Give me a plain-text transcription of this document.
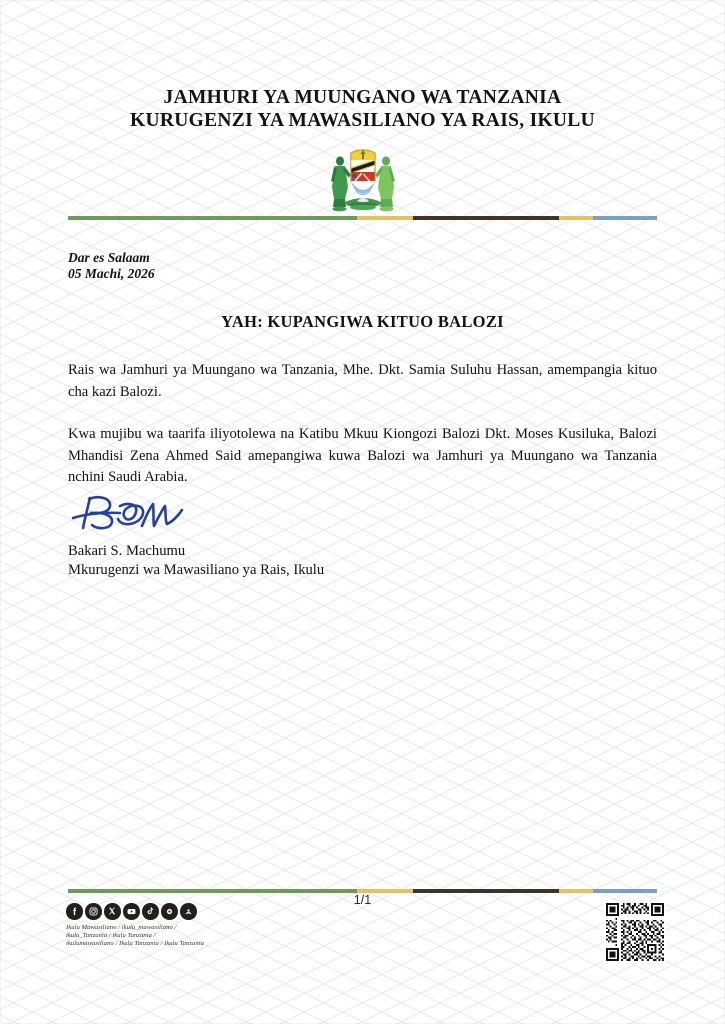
JAMHURI YA MUUNGANO WA TANZANIA
KURUGENZI YA MAWASILIANO YA RAIS, IKULU
Dar es Salaam
05 Machi, 2026
YAH: KUPANGIWA KITUO BALOZI

Rais wa Jamhuri ya Muungano wa Tanzania, Mhe. Dkt. Samia Suluhu Hassan, amempangia kituo cha kazi Balozi.

Kwa mujibu wa taarifa iliyotolewa na Katibu Mkuu Kiongozi Balozi Dkt. Moses Kusiluka, Balozi Mhandisi Zena Ahmed Said amepangiwa kuwa Balozi wa Jamhuri ya Muungano wa Tanzania nchini Saudi Arabia.

Bakari S. Machumu
Mkurugenzi wa Mawasiliano ya Rais, Ikulu
1/1
Ikulu Mawasiliano / ikulu_mawasiliano /
ikulu_Tanzania / ikulu Tanzania /
ikulumawasiliano / Ikulu Tanzania / Ikulu Tanzania
